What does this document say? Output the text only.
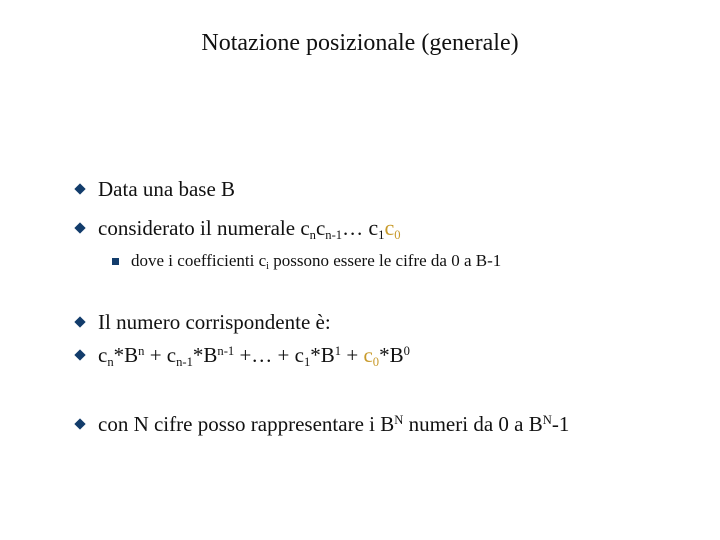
Notazione posizionale (generale)
Data una base B
considerato il numerale $c_nc_{n-1}\dots$ $c_1c_0$
dove i coefficienti $c_i$ possono essere le cifre da 0 a B-1
Il numero corrispondente è:
$c_n*B^n + c_{n-1}*B^{n-1}$ +… + $c_1*B^1 + c_0*B^0$
con N cifre posso rappresentare i $B^N$ numeri da 0 a $B^N-1$
